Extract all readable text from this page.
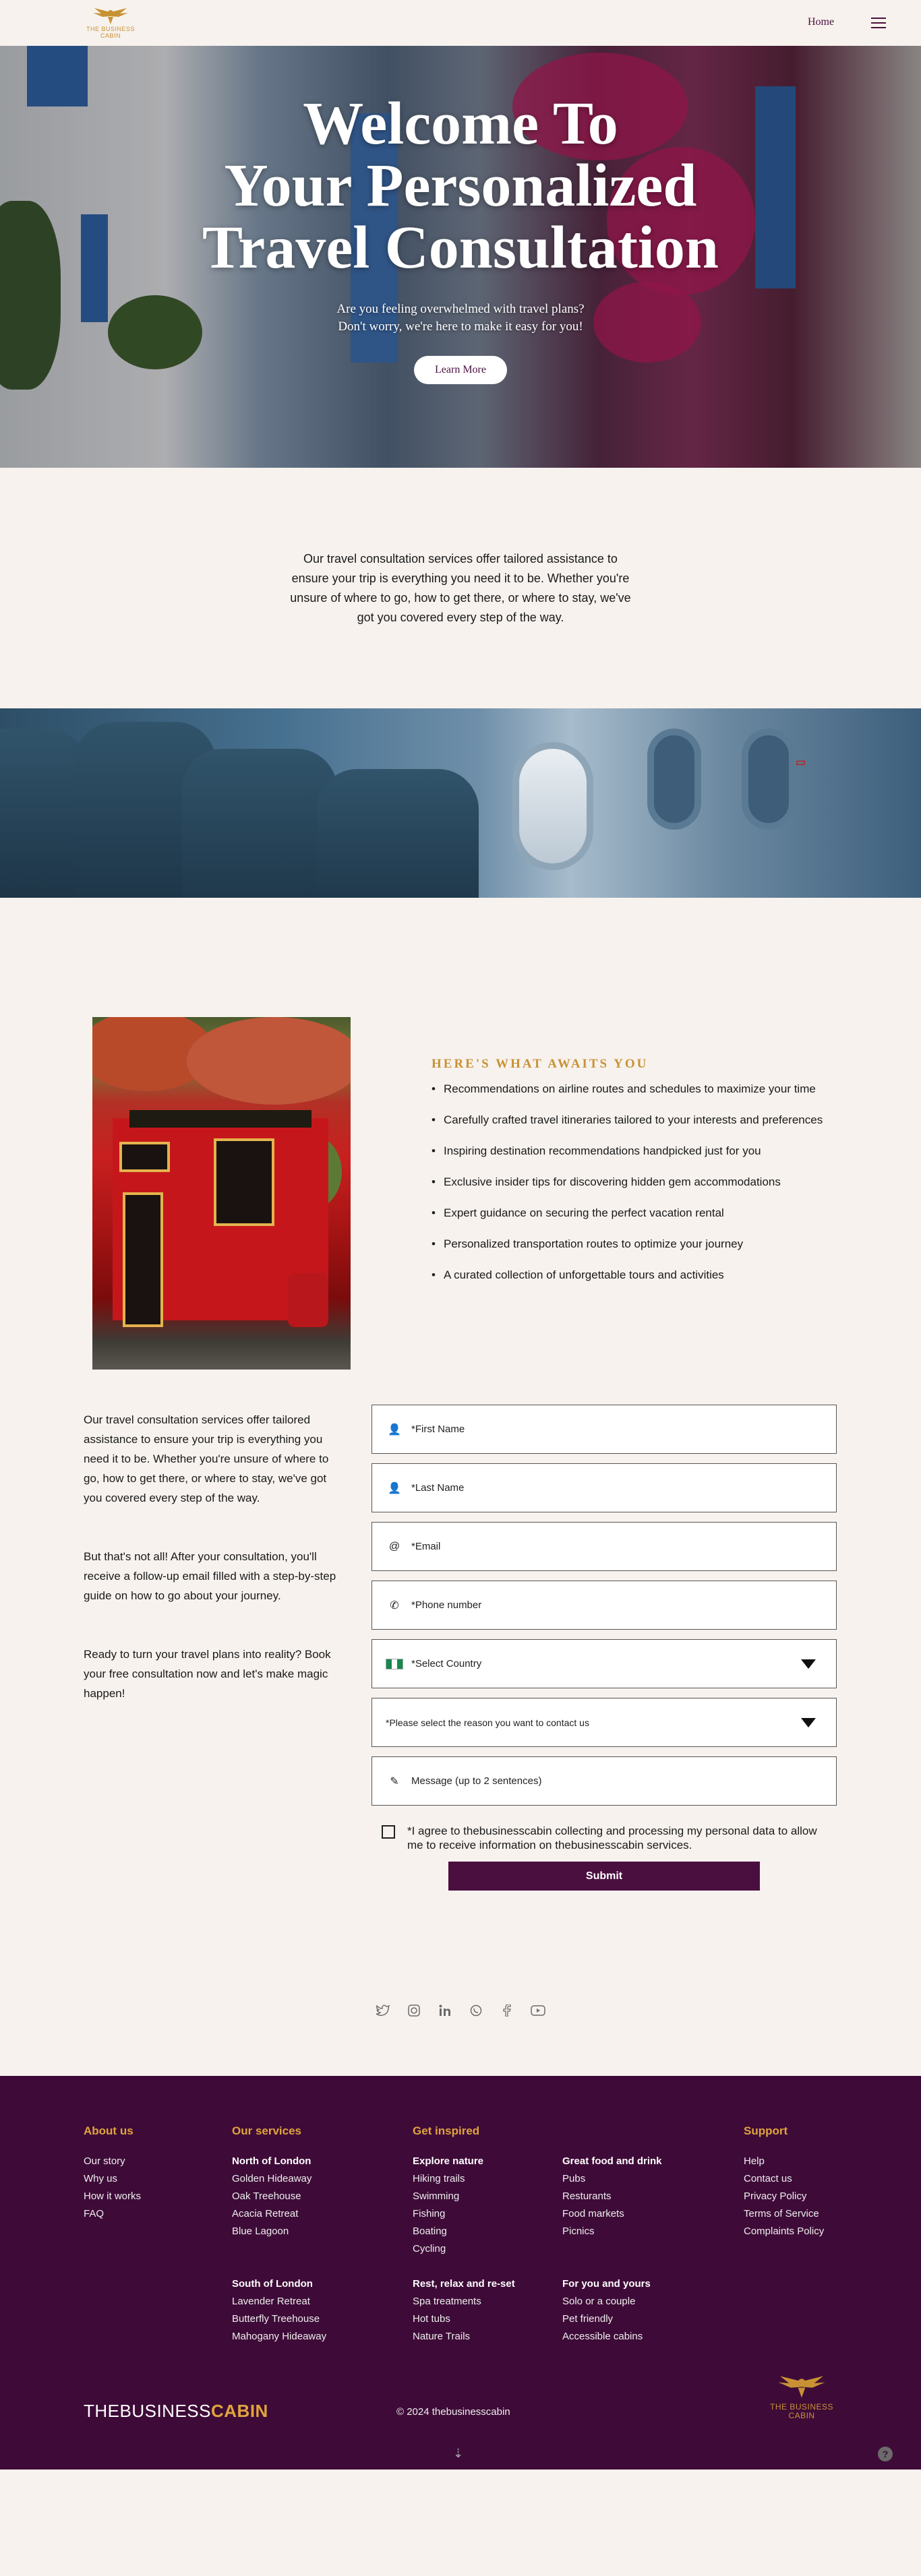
THE BUSINESS CABIN
Home
Welcome To
Your Personalized
Travel Consultation

Are you feeling overwhelmed with travel plans?
Don't worry, we're here to make it easy for you!

Learn More

Our travel consultation services offer tailored assistance to ensure your trip is everything you need it to be. Whether you're unsure of where to go, how to get there, or where to stay, we've got you covered every step of the way.

▭
HERE'S WHAT AWAITS YOU
• Recommendations on airline routes and schedules to maximize your time
• Carefully crafted travel itineraries tailored to your interests and preferences
• Inspiring destination recommendations handpicked just for you
• Exclusive insider tips for discovering hidden gem accommodations
• Expert guidance on securing the perfect vacation rental
• Personalized transportation routes to optimize your journey
• A curated collection of unforgettable tours and activities

Our travel consultation services offer tailored assistance to ensure your trip is everything you need it to be. Whether you're unsure of where to go, how to get there, or where to stay, we've got you covered every step of the way.

But that's not all! After your consultation, you'll receive a follow-up email filled with a step-by-step guide on how to go about your journey.

Ready to turn your travel plans into reality? Book your free consultation now and let's make magic happen!

👤 *First Name
👤 *Last Name
@	*Email
✆	*Phone number
*Select Country
*Please select the reason you want to contact us
✎	Message (up to 2 sentences)
*I agree to thebusinesscabin collecting and processing my personal data to allow me to receive information on thebusinesscabin services.
Submit
About us
Our story
Why us
How it works
FAQ
Our services
North of London
Golden Hideaway
Oak Treehouse
Acacia Retreat
Blue Lagoon
South of London
Lavender Retreat
Butterfly Treehouse
Mahogany Hideaway
Get inspired
Explore nature
Hiking trails
Swimming
Fishing
Boating
Cycling
Rest, relax and re-set
Spa treatments
Hot tubs
Nature Trails
Great food and drink
Pubs
Resturants
Food markets
Picnics
For you and yours
Solo or a couple
Pet friendly
Accessible cabins
Support
Help
Contact us
Privacy Policy
Terms of Service
Complaints Policy
THEBUSINESSCABIN	© 2024 thebusinesscabin	THE BUSINESS CABIN
⇣	?
